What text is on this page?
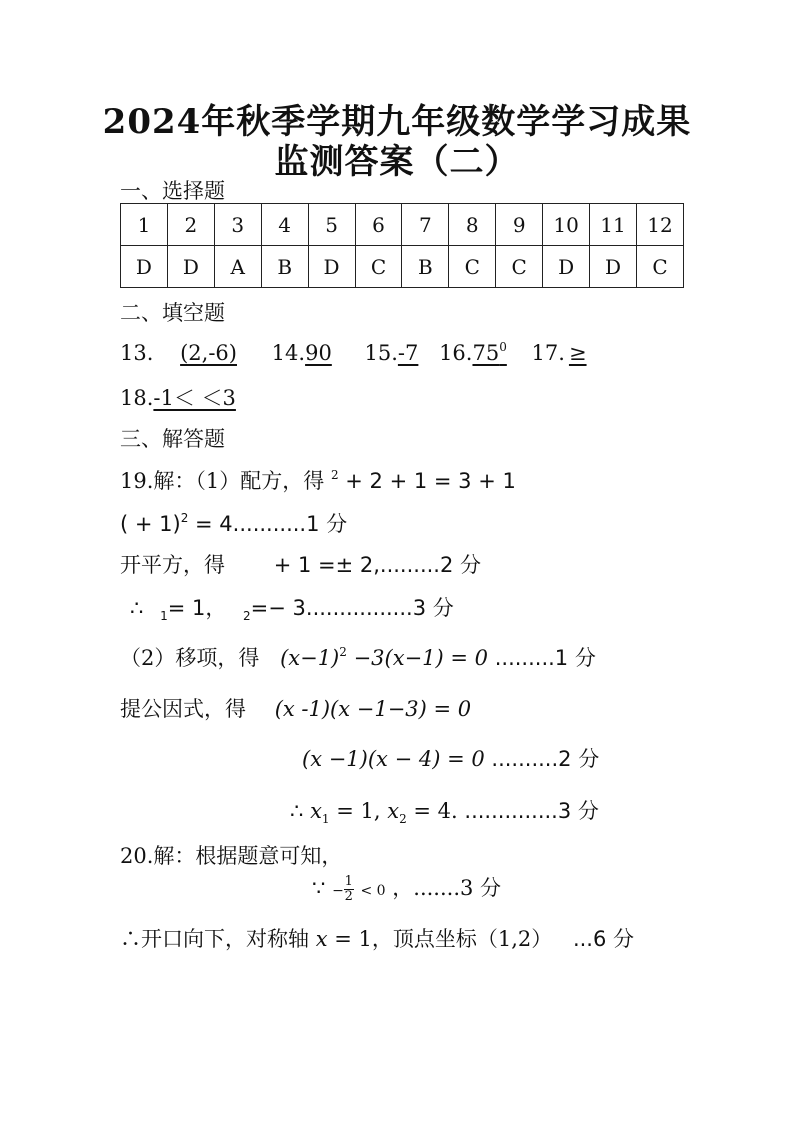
2024年秋季学期九年级数学学习成果
监测答案（二）
一、选择题
1	2	3	4	5	6	7	8	9	10	11	12
D	D	A	B	D	C	B	C	C	D	D	C
二、填空题
13. (2,-6) 14.90 15.-7 16.75$^0$ 17. ≥
18.-1＜ ＜3
三、解答题
19.解：（1）配方，得 $^2$ + 2 + 1 = 3 + 1
( + 1)$^2$ = 4...........1 分
开平方，得 + 1 =± 2,.........2 分
∴ $_1$= 1， $_2$=− 3................3 分
（2）移项，得 $(x-1)^2 -3(x-1) = 0$ .........1 分
提公因式，得 (x -1)(x −1−3) = 0
(x −1)(x − 4) = 0 ..........2 分
∴ $x_1 = 1$, $x_2 = 4$. ..............3 分
20.解：根据题意可知，
∵ − $\frac{1}{2} < 0$ ，.......3 分
∴开口向下，对称轴 x = 1，顶点坐标（1,2） ...6 分
